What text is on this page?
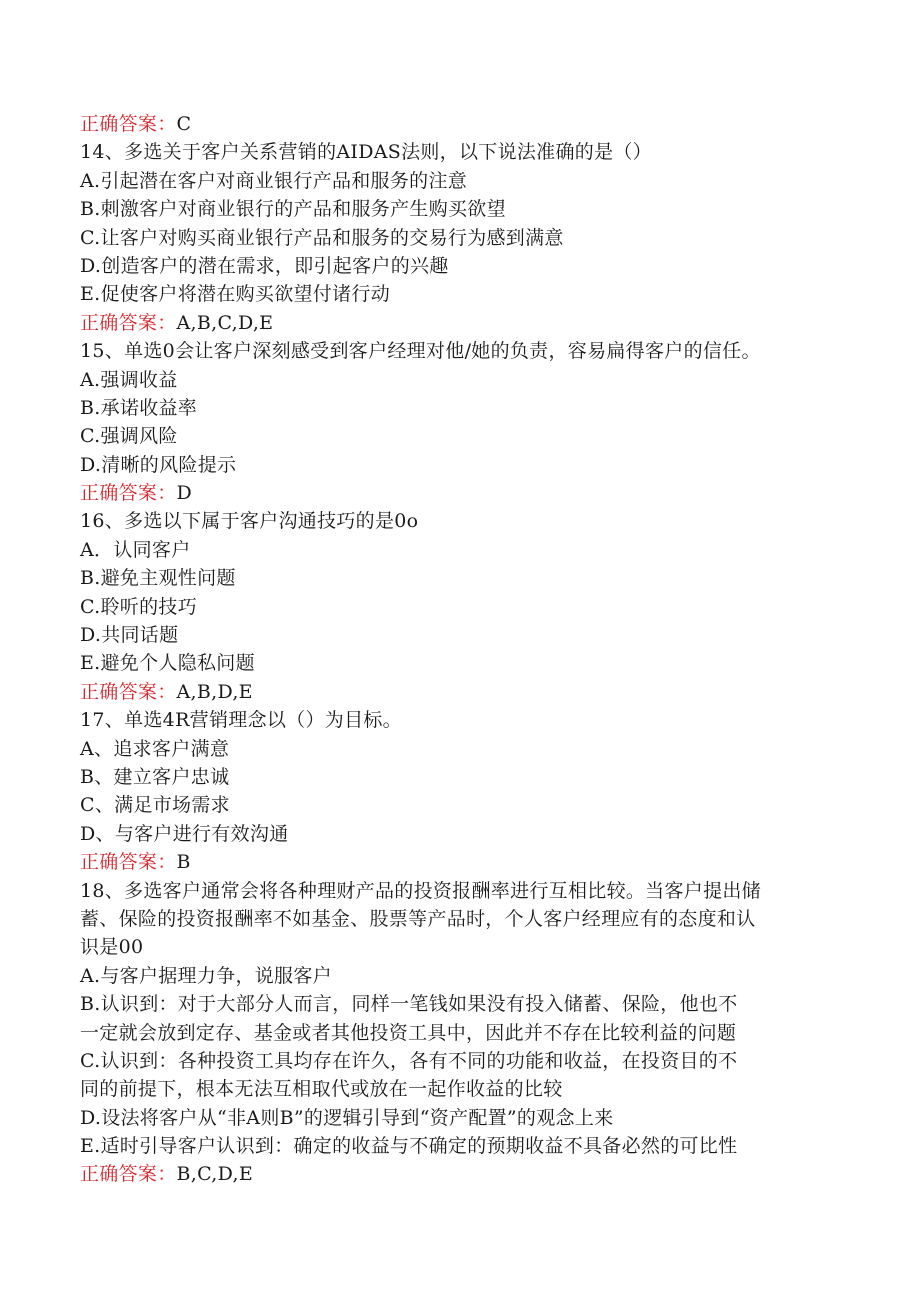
正确答案：C
14、多选关于客户关系营销的AIDAS法则，以下说法准确的是（）
A.引起潜在客户对商业银行产品和服务的注意
B.刺激客户对商业银行的产品和服务产生购买欲望
C.让客户对购买商业银行产品和服务的交易行为感到满意
D.创造客户的潜在需求，即引起客户的兴趣
E.促使客户将潜在购买欲望付诸行动
正确答案：A,B,C,D,E
15、单选0会让客户深刻感受到客户经理对他/她的负责，容易扁得客户的信任。
A.强调收益
B.承诺收益率
C.强调风险
D.清晰的风险提示
正确答案：D
16、多选以下属于客户沟通技巧的是0o
A．认同客户
B.避免主观性问题
C.聆听的技巧
D.共同话题
E.避免个人隐私问题
正确答案：A,B,D,E
17、单选4R营销理念以（）为目标。
A、追求客户满意
B、建立客户忠诚
C、满足市场需求
D、与客户进行有效沟通
正确答案：B
18、多选客户通常会将各种理财产品的投资报酬率进行互相比较。当客户提出储
蓄、保险的投资报酬率不如基金、股票等产品时，个人客户经理应有的态度和认
识是00
A.与客户据理力争，说服客户
B.认识到：对于大部分人而言，同样一笔钱如果没有投入储蓄、保险，他也不
一定就会放到定存、基金或者其他投资工具中，因此并不存在比较利益的问题
C.认识到：各种投资工具均存在许久，各有不同的功能和收益，在投资目的不
同的前提下，根本无法互相取代或放在一起作收益的比较
D.设法将客户从“非A则B”的逻辑引导到“资产配置”的观念上来
E.适时引导客户认识到：确定的收益与不确定的预期收益不具备必然的可比性
正确答案：B,C,D,E
